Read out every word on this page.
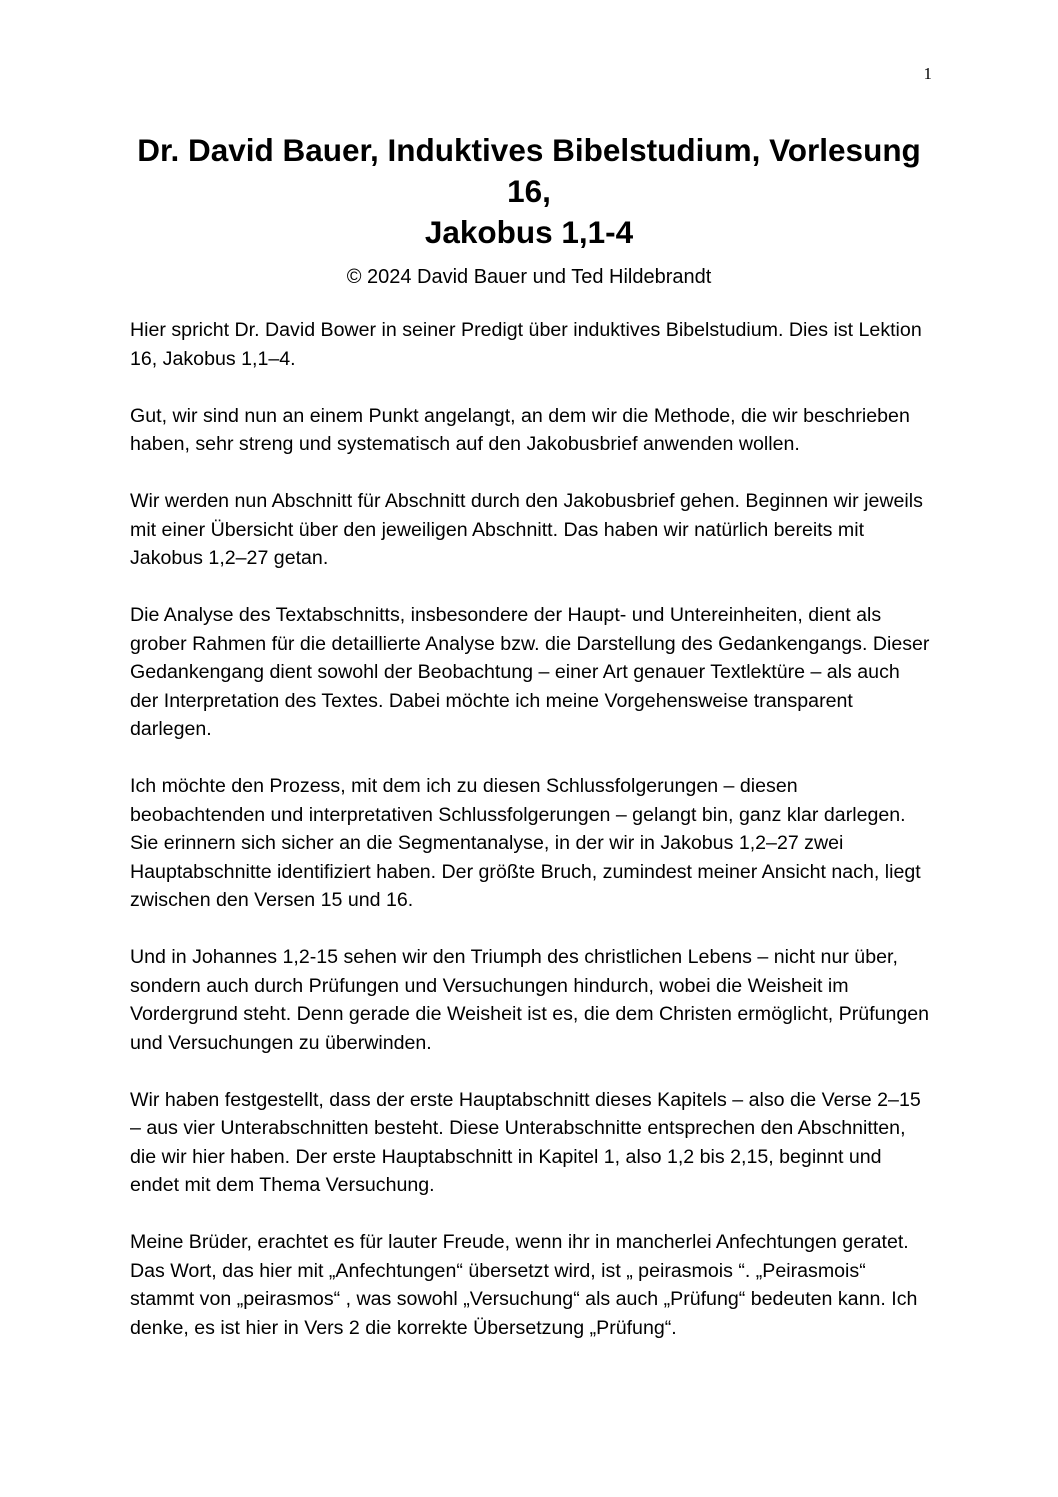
1
Dr. David Bauer, Induktives Bibelstudium, Vorlesung
16,
Jakobus 1,1-4

© 2024 David Bauer und Ted Hildebrandt

Hier spricht Dr. David Bower in seiner Predigt über induktives Bibelstudium. Dies ist Lektion 16, Jakobus 1,1–4.

Gut, wir sind nun an einem Punkt angelangt, an dem wir die Methode, die wir beschrieben haben, sehr streng und systematisch auf den Jakobusbrief anwenden wollen.

Wir werden nun Abschnitt für Abschnitt durch den Jakobusbrief gehen. Beginnen wir jeweils mit einer Übersicht über den jeweiligen Abschnitt. Das haben wir natürlich bereits mit Jakobus 1,2–27 getan.

Die Analyse des Textabschnitts, insbesondere der Haupt- und Untereinheiten, dient als grober Rahmen für die detaillierte Analyse bzw. die Darstellung des Gedankengangs. Dieser Gedankengang dient sowohl der Beobachtung – einer Art genauer Textlektüre – als auch der Interpretation des Textes. Dabei möchte ich meine Vorgehensweise transparent darlegen.

Ich möchte den Prozess, mit dem ich zu diesen Schlussfolgerungen – diesen beobachtenden und interpretativen Schlussfolgerungen – gelangt bin, ganz klar darlegen. Sie erinnern sich sicher an die Segmentanalyse, in der wir in Jakobus 1,2–27 zwei Hauptabschnitte identifiziert haben. Der größte Bruch, zumindest meiner Ansicht nach, liegt zwischen den Versen 15 und 16.

Und in Johannes 1,2-15 sehen wir den Triumph des christlichen Lebens – nicht nur über, sondern auch durch Prüfungen und Versuchungen hindurch, wobei die Weisheit im Vordergrund steht. Denn gerade die Weisheit ist es, die dem Christen ermöglicht, Prüfungen und Versuchungen zu überwinden.

Wir haben festgestellt, dass der erste Hauptabschnitt dieses Kapitels – also die Verse 2–15 – aus vier Unterabschnitten besteht. Diese Unterabschnitte entsprechen den Abschnitten, die wir hier haben. Der erste Hauptabschnitt in Kapitel 1, also 1,2 bis 2,15, beginnt und endet mit dem Thema Versuchung.

Meine Brüder, erachtet es für lauter Freude, wenn ihr in mancherlei Anfechtungen geratet. Das Wort, das hier mit „Anfechtungen“ übersetzt wird, ist „ peirasmois “. „Peirasmois“ stammt von „peirasmos“ , was sowohl „Versuchung“ als auch „Prüfung“ bedeuten kann. Ich denke, es ist hier in Vers 2 die korrekte Übersetzung „Prüfung“.
